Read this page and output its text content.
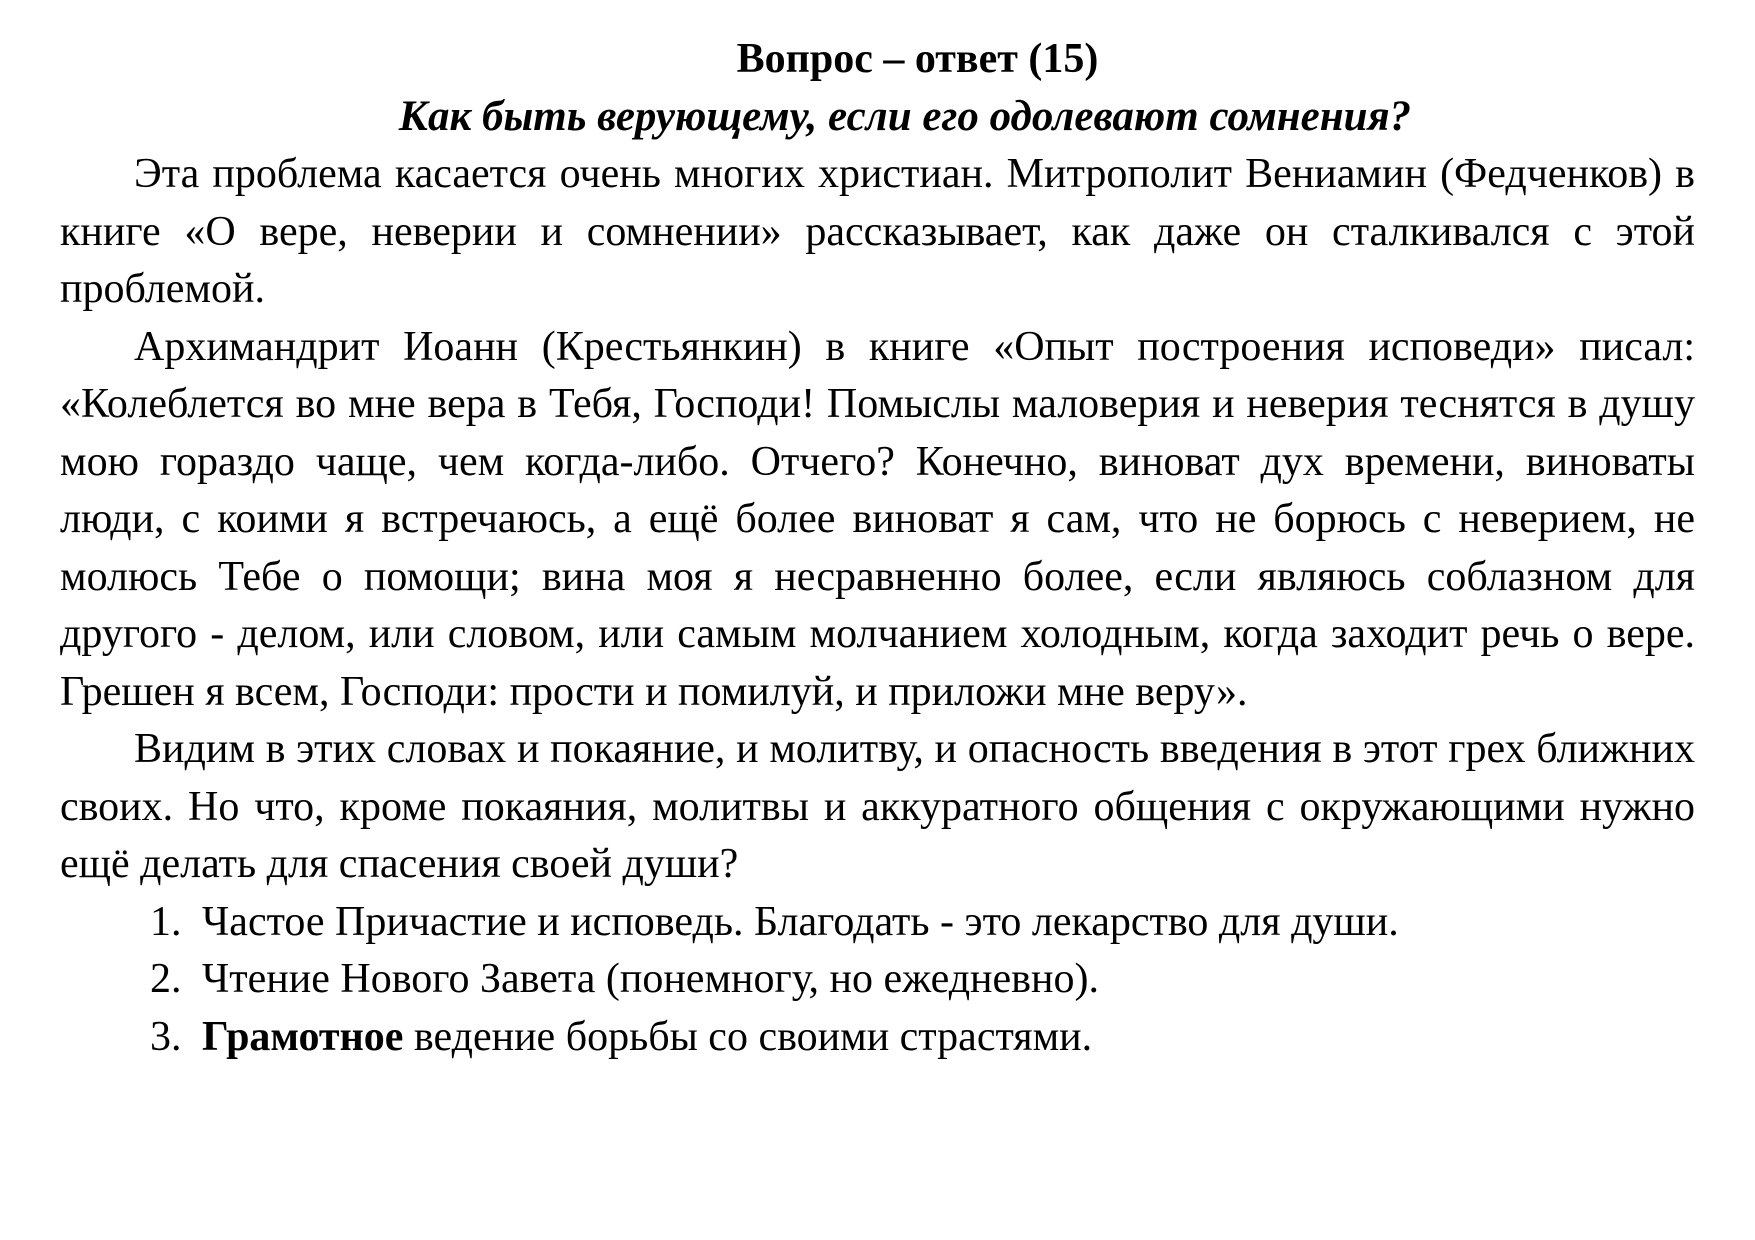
Вопрос – ответ (15)
Как быть верующему, если его одолевают сомнения?

Эта проблема касается очень многих христиан. Митрополит Вениамин (Федченков) в книге «О вере, неверии и сомнении» рассказывает, как даже он сталкивался с этой проблемой.

Архимандрит Иоанн (Крестьянкин) в книге «Опыт построения исповеди» писал: «Колеблется во мне вера в Тебя, Господи! Помыслы маловерия и неверия теснятся в душу мою гораздо чаще, чем когда-либо. Отчего? Конечно, виноват дух времени, виноваты люди, с коими я встречаюсь, а ещё более виноват я сам, что не борюсь с неверием, не молюсь Тебе о помощи; вина моя я несравненно более, если являюсь соблазном для другого - делом, или словом, или самым молчанием холодным, когда заходит речь о вере. Грешен я всем, Господи: прости и помилуй, и приложи мне веру».

Видим в этих словах и покаяние, и молитву, и опасность введения в этот грех ближних своих. Но что, кроме покаяния, молитвы и аккуратного общения с окружающими нужно ещё делать для спасения своей души?

1. Частое Причастие и исповедь. Благодать - это лекарство для души.
2. Чтение Нового Завета (понемногу, но ежедневно).
3. Грамотное ведение борьбы со своими страстями.
